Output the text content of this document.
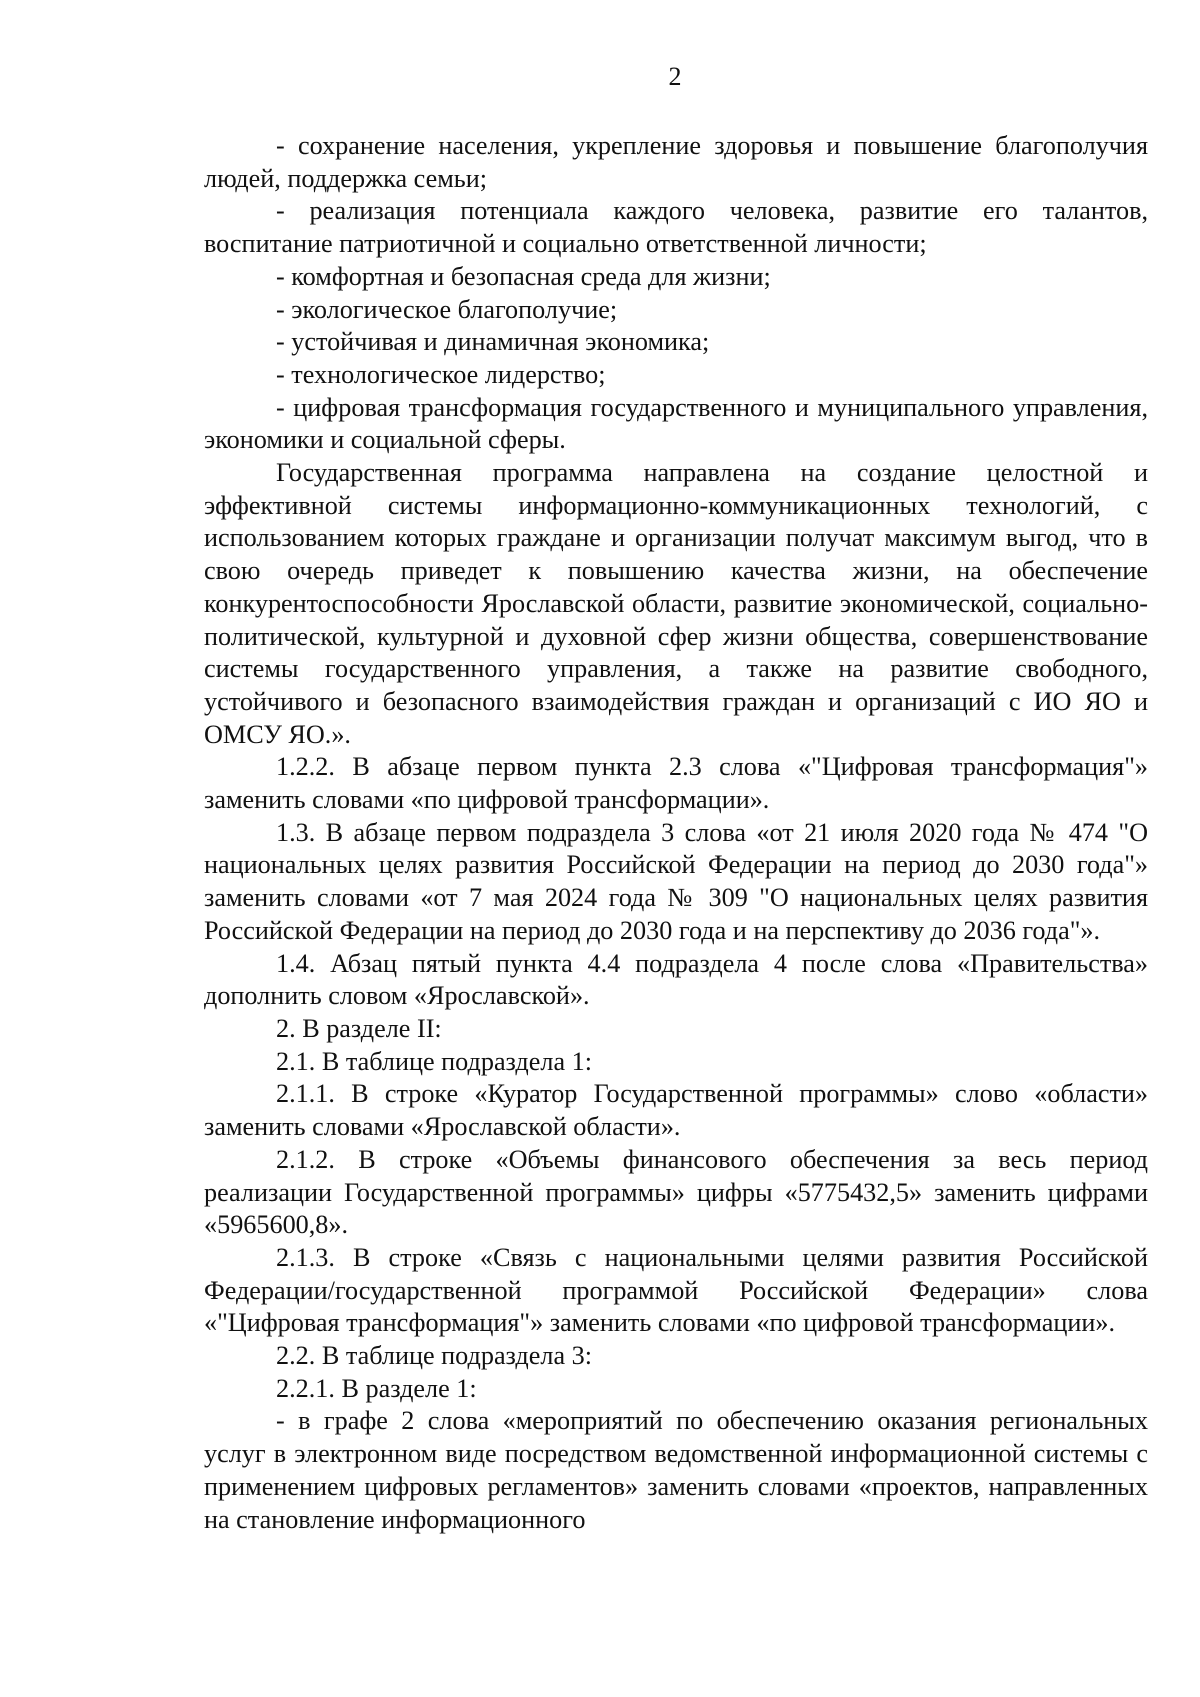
2

- сохранение населения, укрепление здоровья и повышение благополучия людей, поддержка семьи;

- реализация потенциала каждого человека, развитие его талантов, воспитание патриотичной и социально ответственной личности;

- комфортная и безопасная среда для жизни;

- экологическое благополучие;

- устойчивая и динамичная экономика;

- технологическое лидерство;

- цифровая трансформация государственного и муниципального управления, экономики и социальной сферы.

Государственная программа направлена на создание целостной и эффективной системы информационно-коммуникационных технологий, с использованием которых граждане и организации получат максимум выгод, что в свою очередь приведет к повышению качества жизни, на обеспечение конкурентоспособности Ярославской области, развитие экономической, социально-политической, культурной и духовной сфер жизни общества, совершенствование системы государственного управления, а также на развитие свободного, устойчивого и безопасного взаимодействия граждан и организаций с ИО ЯО и ОМСУ ЯО.».

1.2.2. В абзаце первом пункта 2.3 слова «"Цифровая трансформация"» заменить словами «по цифровой трансформации».

1.3. В абзаце первом подраздела 3 слова «от 21 июля 2020 года № 474 "О национальных целях развития Российской Федерации на период до 2030 года"» заменить словами «от 7 мая 2024 года № 309 "О национальных целях развития Российской Федерации на период до 2030 года и на перспективу до 2036 года"».

1.4. Абзац пятый пункта 4.4 подраздела 4 после слова «Правительства» дополнить словом «Ярославской».

2. В разделе II:

2.1. В таблице подраздела 1:

2.1.1. В строке «Куратор Государственной программы» слово «области» заменить словами «Ярославской области».

2.1.2. В строке «Объемы финансового обеспечения за весь период реализации Государственной программы» цифры «5775432,5» заменить цифрами «5965600,8».

2.1.3. В строке «Связь с национальными целями развития Российской Федерации/государственной программой Российской Федерации» слова «"Цифровая трансформация"» заменить словами «по цифровой трансформации».

2.2. В таблице подраздела 3:

2.2.1. В разделе 1:

- в графе 2 слова «мероприятий по обеспечению оказания региональных услуг в электронном виде посредством ведомственной информационной системы с применением цифровых регламентов» заменить словами «проектов, направленных на становление информационного
